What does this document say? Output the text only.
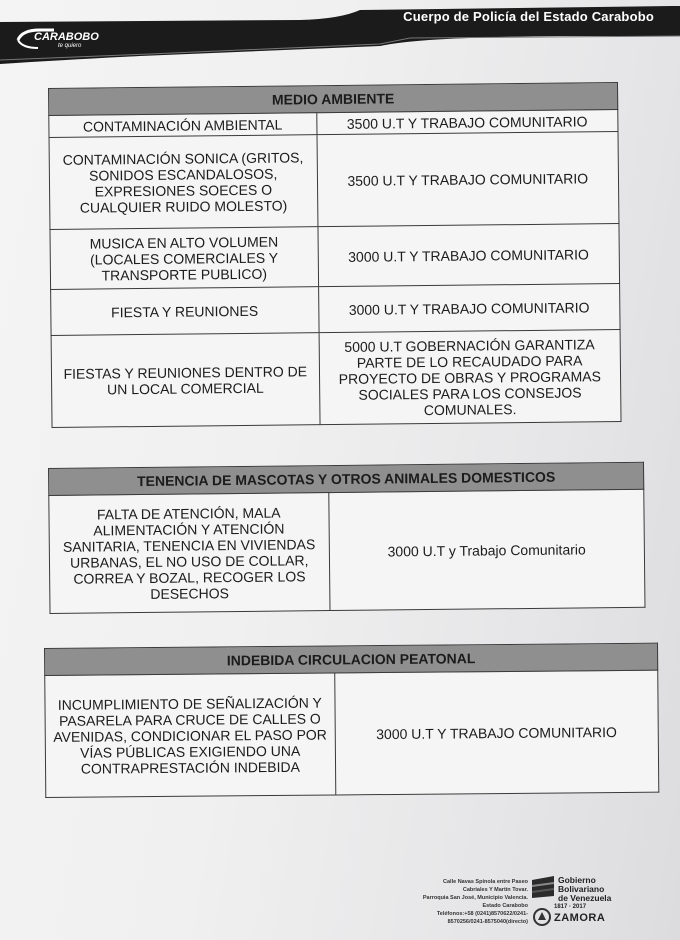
Cuerpo de Policía del Estado Carabobo
CARABOBO
te quiero
MEDIO AMBIENTE	
CONTAMINACIÓN AMBIENTAL	3500 U.T Y TRABAJO COMUNITARIO
CONTAMINACIÓN SONICA (GRITOS, SONIDOS ESCANDALOSOS, EXPRESIONES SOECES O CUALQUIER RUIDO MOLESTO)	3500 U.T Y TRABAJO COMUNITARIO
MUSICA EN ALTO VOLUMEN (LOCALES COMERCIALES Y TRANSPORTE PUBLICO)	3000 U.T Y TRABAJO COMUNITARIO
FIESTA Y REUNIONES	3000 U.T Y TRABAJO COMUNITARIO
FIESTAS Y REUNIONES DENTRO DE UN LOCAL COMERCIAL	5000 U.T GOBERNACIÓN GARANTIZA PARTE DE LO RECAUDADO PARA PROYECTO DE OBRAS Y PROGRAMAS SOCIALES PARA LOS CONSEJOS COMUNALES.
TENENCIA DE MASCOTAS Y OTROS ANIMALES DOMESTICOS
FALTA DE ATENCIÓN, MALA ALIMENTACIÓN Y ATENCIÓN SANITARIA, TENENCIA EN VIVIENDAS URBANAS, EL NO USO DE COLLAR, CORREA Y BOZAL, RECOGER LOS DESECHOS	3000 U.T y Trabajo Comunitario
INDEBIDA CIRCULACION PEATONAL
INCUMPLIMIENTO DE SEÑALIZACIÓN Y PASARELA PARA CRUCE DE CALLES O AVENIDAS, CONDICIONAR EL PASO POR VÍAS PÚBLICAS EXIGIENDO UNA CONTRAPRESTACIÓN INDEBIDA	3000 U.T Y TRABAJO COMUNITARIO
Calle Navas Spínola entre Paseo
Cabriales Y Martín Tovar.
Parroquia San José, Municipio Valencia.
Estado Carabobo
Teléfonos:+58 (0241)8570622/0241-
8570256/0241-8575040(directo)
Gobierno
Bolivariano
de Venezuela
1817 · 2017
ZAMORA
